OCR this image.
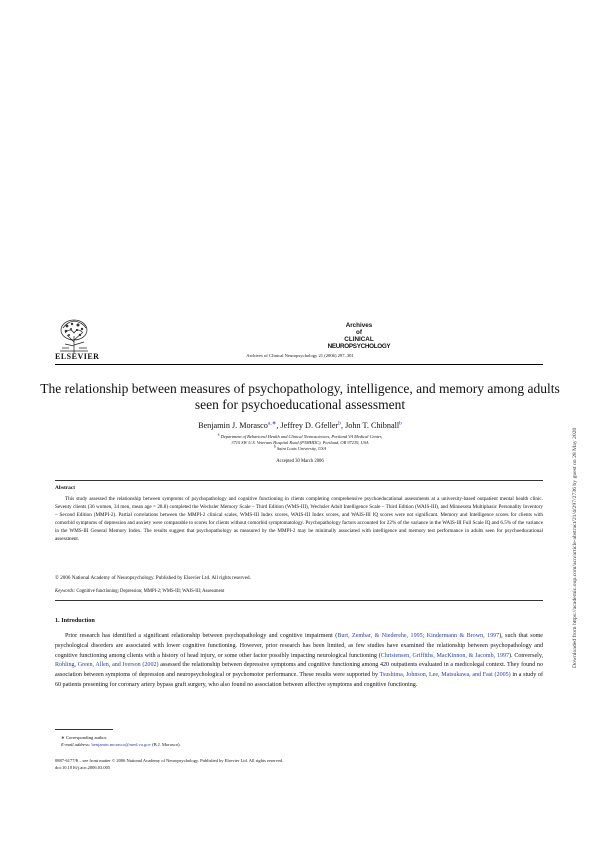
ELSEVIER	Archives of Clinical Neuropsychology 21 (2006) 297–301
Archives
of
CLINICAL
NEUROPSYCHOLOGY
The relationship between measures of psychopathology, intelligence, and memory among adults seen for psychoeducational assessment
Benjamin J. Morasco$^{a,∗}$, Jeffrey D. Gfeller$^b$, John T. Chibnall$^b$
$^a$ Department of Behavioral Health and Clinical Neurosciences, Portland VA Medical Center,
3710 SW U.S. Veterans Hospital Road (P3MHDC), Portland, OR 97239, USA
$^b$ Saint Louis University, USA
Accepted 30 March 2006
Abstract
This study assessed the relationship between symptoms of psychopathology and cognitive functioning in clients completing comprehensive psychoeducational assessments at a university-based outpatient mental health clinic. Seventy clients (36 women, 34 men, mean age = 28.8) completed the Wechsler Memory Scale – Third Edition (WMS-III), Wechsler Adult Intelligence Scale – Third Edition (WAIS-III), and Minnesota Multiphasic Personality Inventory – Second Edition (MMPI-2). Partial correlations between the MMPI-2 clinical scales, WMS-III Index scores, WAIS-III Index scores, and WAIS-III IQ scores were not significant. Memory and Intelligence scores for clients with comorbid symptoms of depression and anxiety were comparable to scores for clients without comorbid symptomatology. Psychopathology factors accounted for 22% of the variance in the WAIS-III Full Scale IQ and 6.5% of the variance in the WMS-III General Memory Index. The results suggest that psychopathology as measured by the MMPI-2 may be minimally associated with intelligence and memory test performance in adults seen for psychoeducational assessment.
© 2006 National Academy of Neuropsychology. Published by Elsevier Ltd. All rights reserved.
Keywords: Cognitive functioning; Depression; MMPI-2; WMS-III; WAIS-III; Assessment
1. Introduction
Prior research has identified a significant relationship between psychopathology and cognitive impairment (Burt, Zembar, & Niederehe, 1995; Kindermann & Brown, 1997), such that some psychological disorders are associated with lower cognitive functioning. However, prior research has been limited, as few studies have examined the relationship between psychopathology and cognitive functioning among clients with a history of head injury, or some other factor possibly impacting neurological functioning (Christensen, Griffiths, MacKinnon, & Jacomb, 1997). Conversely, Rohling, Green, Allen, and Iverson (2002) assessed the relationship between depressive symptoms and cognitive functioning among 420 outpatients evaluated in a medicolegal context. They found no association between symptoms of depression and neuropsychological or psychomotor performance. These results were supported by Tsushima, Johnson, Lee, Matsukawa, and Fast (2005) in a study of 60 patients presenting for coronary artery bypass graft surgery, who also found no association between affective symptoms and cognitive functioning.
∗ Corresponding author.
E-mail address: benjamin.morasco@med.va.gov (B.J. Morasco).
0887-6177/$ – see front matter © 2006 National Academy of Neuropsychology. Published by Elsevier Ltd. All rights reserved.
doi:10.1016/j.acn.2006.03.005
Downloaded from https://academic.oup.com/acn/article-abstract/21/4/297/2736 by guest on 28 May 2020
